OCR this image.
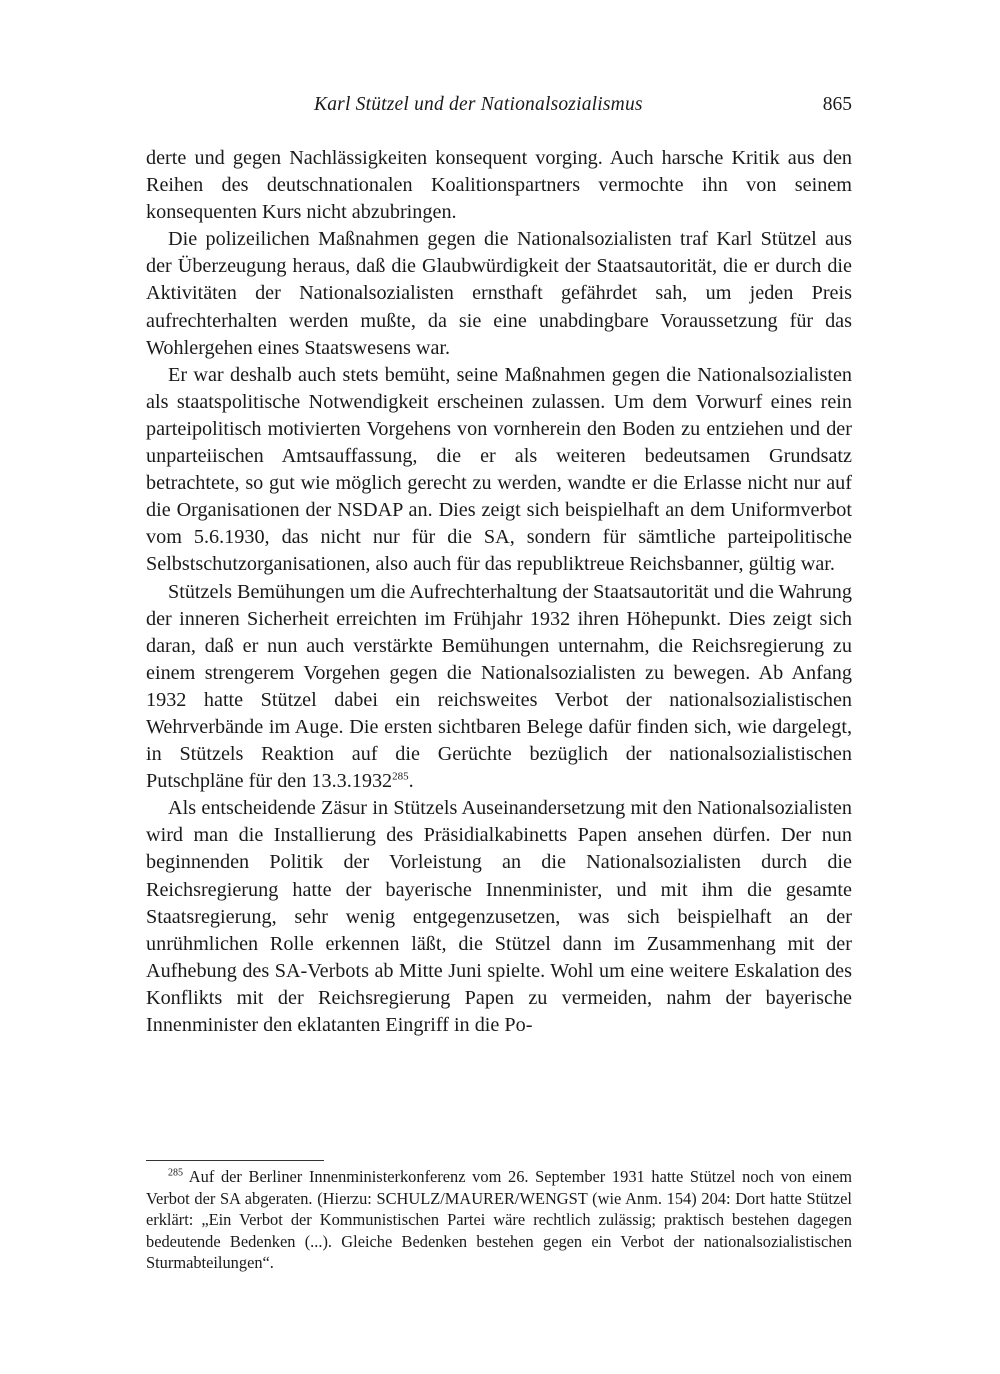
Karl Stützel und der Nationalsozialismus	865

derte und gegen Nachlässigkeiten konsequent vorging. Auch harsche Kritik aus den Reihen des deutschnationalen Koalitionspartners vermochte ihn von seinem konsequenten Kurs nicht abzubringen.

Die polizeilichen Maßnahmen gegen die Nationalsozialisten traf Karl Stützel aus der Überzeugung heraus, daß die Glaubwürdigkeit der Staatsautorität, die er durch die Aktivitäten der Nationalsozialisten ernsthaft gefährdet sah, um jeden Preis aufrechterhalten werden mußte, da sie eine unabdingbare Voraussetzung für das Wohlergehen eines Staatswesens war.

Er war deshalb auch stets bemüht, seine Maßnahmen gegen die Nationalsozialisten als staatspolitische Notwendigkeit erscheinen zulassen. Um dem Vorwurf eines rein parteipolitisch motivierten Vorgehens von vornherein den Boden zu entziehen und der unparteiischen Amtsauffassung, die er als weiteren bedeutsamen Grundsatz betrachtete, so gut wie möglich gerecht zu werden, wandte er die Erlasse nicht nur auf die Organisationen der NSDAP an. Dies zeigt sich beispielhaft an dem Uniformverbot vom 5.6.1930, das nicht nur für die SA, sondern für sämtliche parteipolitische Selbstschutzorganisationen, also auch für das republiktreue Reichsbanner, gültig war.

Stützels Bemühungen um die Aufrechterhaltung der Staatsautorität und die Wahrung der inneren Sicherheit erreichten im Frühjahr 1932 ihren Höhepunkt. Dies zeigt sich daran, daß er nun auch verstärkte Bemühungen unternahm, die Reichsregierung zu einem strengerem Vorgehen gegen die Nationalsozialisten zu bewegen. Ab Anfang 1932 hatte Stützel dabei ein reichsweites Verbot der nationalsozialistischen Wehrverbände im Auge. Die ersten sichtbaren Belege dafür finden sich, wie dargelegt, in Stützels Reaktion auf die Gerüchte bezüglich der nationalsozialistischen Putschpläne für den 13.3.1932$^{285}$.

Als entscheidende Zäsur in Stützels Auseinandersetzung mit den Nationalsozialisten wird man die Installierung des Präsidialkabinetts Papen ansehen dürfen. Der nun beginnenden Politik der Vorleistung an die Nationalsozialisten durch die Reichsregierung hatte der bayerische Innenminister, und mit ihm die gesamte Staatsregierung, sehr wenig entgegenzusetzen, was sich beispielhaft an der unrühmlichen Rolle erkennen läßt, die Stützel dann im Zusammenhang mit der Aufhebung des SA-Verbots ab Mitte Juni spielte. Wohl um eine weitere Eskalation des Konflikts mit der Reichsregierung Papen zu vermeiden, nahm der bayerische Innenminister den eklatanten Eingriff in die Po-

$^{285}$ Auf der Berliner Innenministerkonferenz vom 26. September 1931 hatte Stützel noch von einem Verbot der SA abgeraten. (Hierzu: SCHULZ/MAURER/WENGST (wie Anm. 154) 204: Dort hatte Stützel erklärt: „Ein Verbot der Kommunistischen Partei wäre rechtlich zulässig; praktisch bestehen dagegen bedeutende Bedenken (...). Gleiche Bedenken bestehen gegen ein Verbot der nationalsozialistischen Sturmabteilungen“.
